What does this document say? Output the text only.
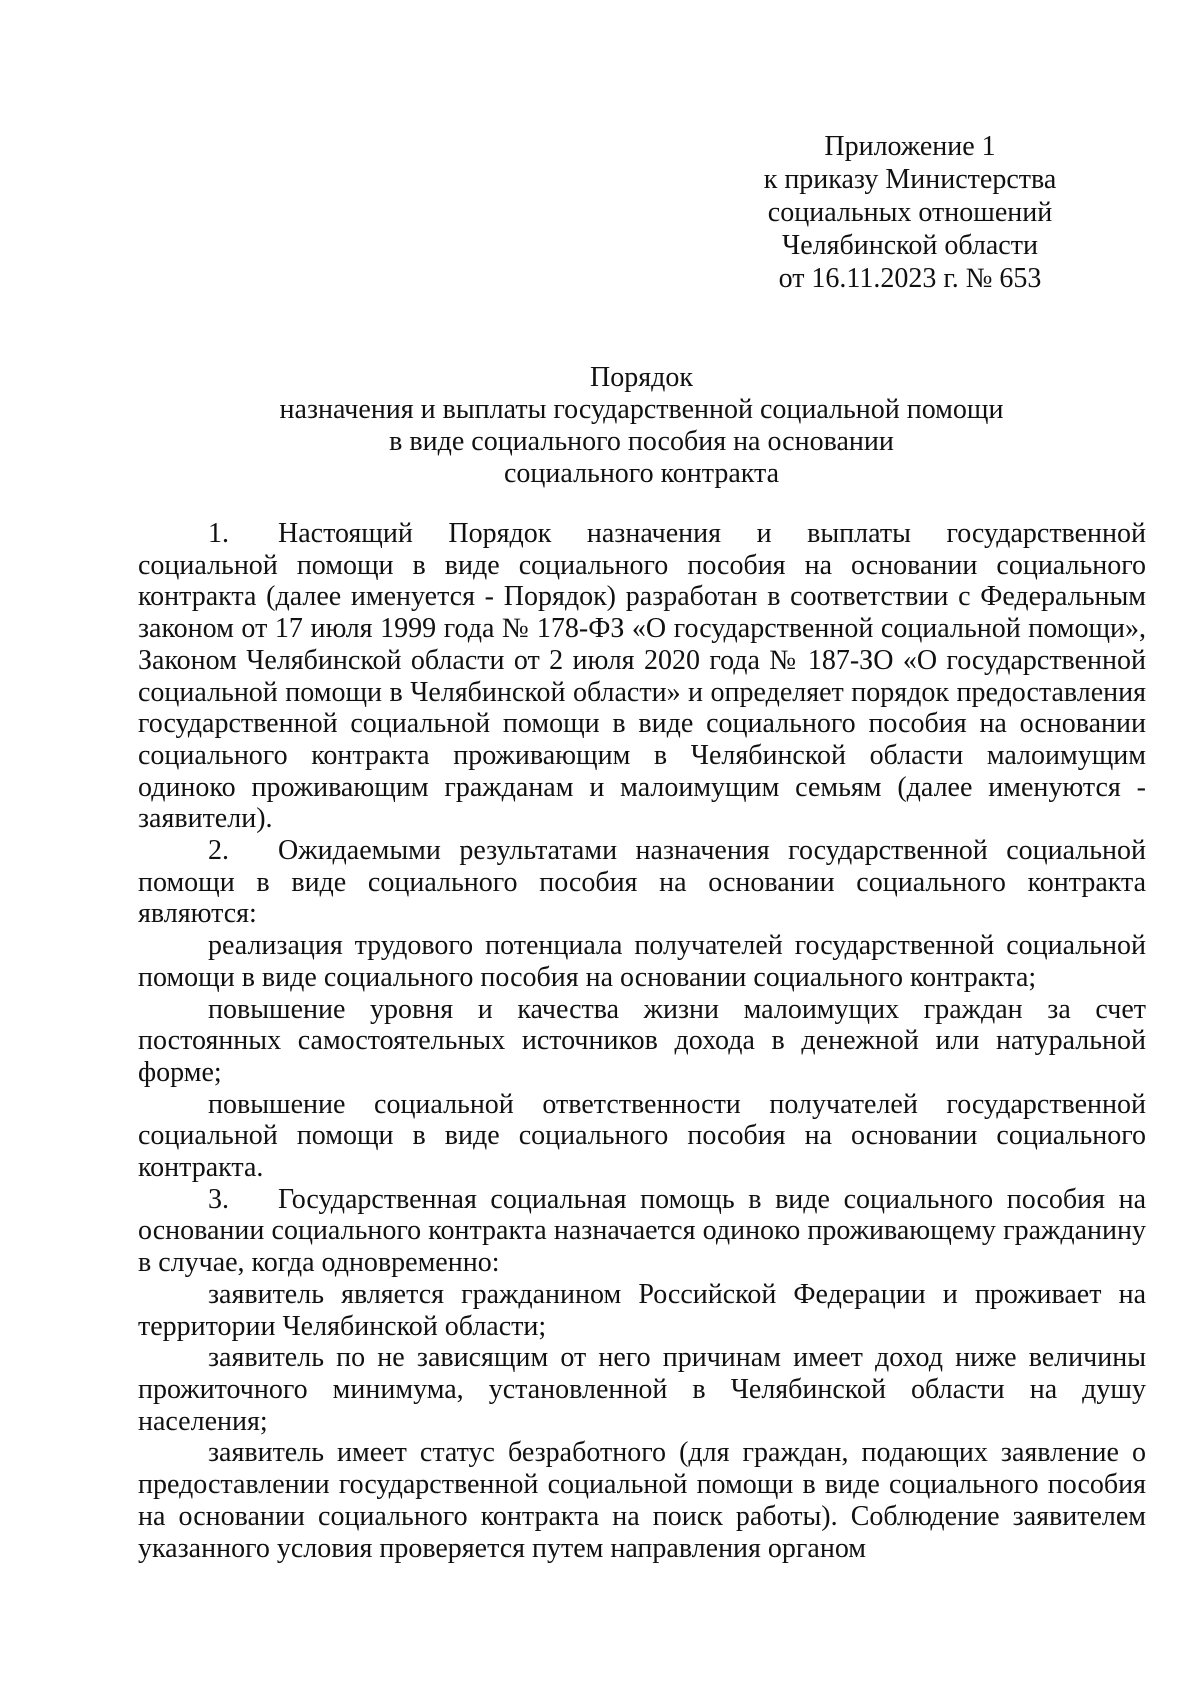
Приложение 1
к приказу Министерства
социальных отношений
Челябинской области
от 16.11.2023 г. № 653
Порядок
назначения и выплаты государственной социальной помощи
в виде социального пособия на основании
социального контракта

1. Настоящий Порядок назначения и выплаты государственной социальной помощи в виде социального пособия на основании социального контракта (далее именуется - Порядок) разработан в соответствии с Федеральным законом от 17 июля 1999 года № 178-ФЗ «О государственной социальной помощи», Законом Челябинской области от 2 июля 2020 года № 187-ЗО «О государственной социальной помощи в Челябинской области» и определяет порядок предоставления государственной социальной помощи в виде социального пособия на основании социального контракта проживающим в Челябинской области малоимущим одиноко проживающим гражданам и малоимущим семьям (далее именуются - заявители).

2. Ожидаемыми результатами назначения государственной социальной помощи в виде социального пособия на основании социального контракта являются:

реализация трудового потенциала получателей государственной социальной помощи в виде социального пособия на основании социального контракта;

повышение уровня и качества жизни малоимущих граждан за счет постоянных самостоятельных источников дохода в денежной или натуральной форме;

повышение социальной ответственности получателей государственной социальной помощи в виде социального пособия на основании социального контракта.

3. Государственная социальная помощь в виде социального пособия на основании социального контракта назначается одиноко проживающему гражданину в случае, когда одновременно:

заявитель является гражданином Российской Федерации и проживает на территории Челябинской области;

заявитель по не зависящим от него причинам имеет доход ниже величины прожиточного минимума, установленной в Челябинской области на душу населения;

заявитель имеет статус безработного (для граждан, подающих заявление о предоставлении государственной социальной помощи в виде социального пособия на основании социального контракта на поиск работы). Соблюдение заявителем указанного условия проверяется путем направления органом
